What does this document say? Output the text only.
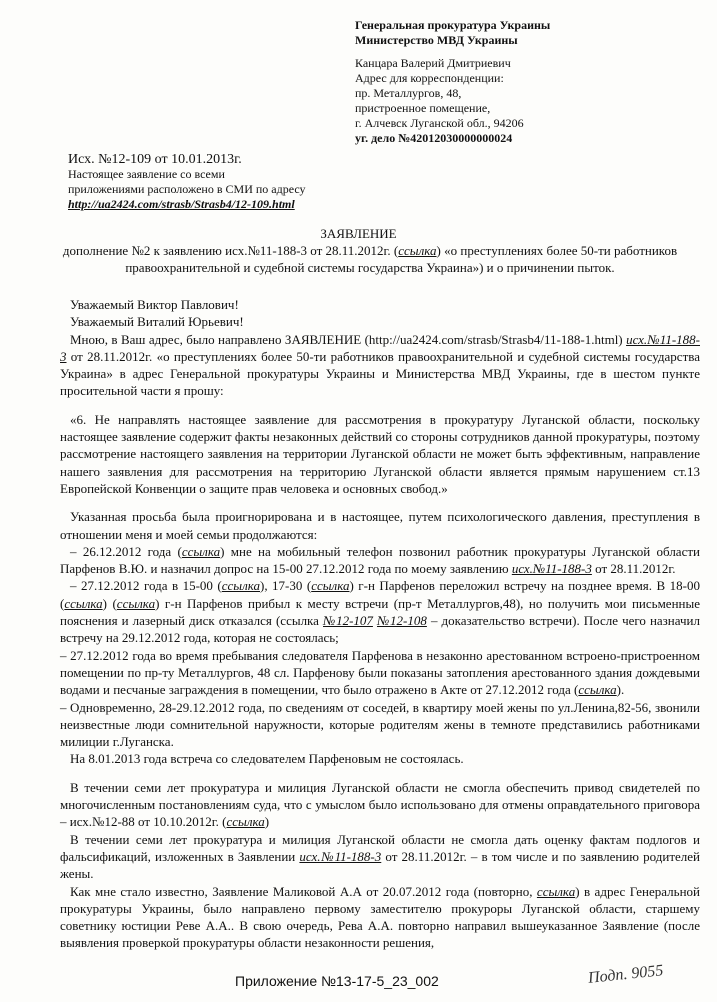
Генеральная прокуратура Украины
Министерство МВД Украины
Канцара Валерий Дмитриевич
Адрес для корреспонденции:
пр. Металлургов, 48,
пристроенное помещение,
г. Алчевск Луганской обл., 94206
уг. дело №42012030000000024
Исх. №12-109 от 10.01.2013г.
Настоящее заявление со всеми
приложениями расположено в СМИ по адресу
http://ua2424.com/strasb/Strasb4/12-109.html
ЗАЯВЛЕНИЕ
дополнение №2 к заявлению исх.№11-188-3 от 28.11.2012г. (ссылка) «о преступлениях более 50-ти работников правоохранительной и судебной системы государства Украина») и о причинении пыток.

Уважаемый Виктор Павлович!

Уважаемый Виталий Юрьевич!

Мною, в Ваш адрес, было направлено ЗАЯВЛЕНИЕ (http://ua2424.com/strasb/Strasb4/11-188-1.html) исх.№11-188-3 от 28.11.2012г. «о преступлениях более 50-ти работников правоохранительной и судебной системы государства Украина» в адрес Генеральной прокуратуры Украины и Министерства МВД Украины, где в шестом пункте просительной части я прошу:

«6. Не направлять настоящее заявление для рассмотрения в прокуратуру Луганской области, поскольку настоящее заявление содержит факты незаконных действий со стороны сотрудников данной прокуратуры, поэтому рассмотрение настоящего заявления на территории Луганской области не может быть эффективным, направление нашего заявления для рассмотрения на территорию Луганской области является прямым нарушением ст.13 Европейской Конвенции о защите прав человека и основных свобод.»

Указанная просьба была проигнорирована и в настоящее, путем психологического давления, преступления в отношении меня и моей семьи продолжаются:

– 26.12.2012 года (ссылка) мне на мобильный телефон позвонил работник прокуратуры Луганской области Парфенов В.Ю. и назначил допрос на 15-00 27.12.2012 года по моему заявлению исх.№11-188-3 от 28.11.2012г.

– 27.12.2012 года в 15-00 (ссылка), 17-30 (ссылка) г-н Парфенов переложил встречу на позднее время. В 18-00 (ссылка) (ссылка) г-н Парфенов прибыл к месту встречи (пр-т Металлургов,48), но получить мои письменные пояснения и лазерный диск отказался (ссылка №12-107 №12-108 – доказательство встречи). После чего назначил встречу на 29.12.2012 года, которая не состоялась;

– 27.12.2012 года во время пребывания следователя Парфенова в незаконно арестованном встроено-пристроенном помещении по пр-ту Металлургов, 48 сл. Парфенову были показаны затопления арестованного здания дождевыми водами и песчаные заграждения в помещении, что было отражено в Акте от 27.12.2012 года (ссылка).

– Одновременно, 28-29.12.2012 года, по сведениям от соседей, в квартиру моей жены по ул.Ленина,82-56, звонили неизвестные люди сомнительной наружности, которые родителям жены в темноте представились работниками милиции г.Луганска.

На 8.01.2013 года встреча со следователем Парфеновым не состоялась.

В течении семи лет прокуратура и милиция Луганской области не смогла обеспечить привод свидетелей по многочисленным постановлениям суда, что с умыслом было использовано для отмены оправдательного приговора – исх.№12-88 от 10.10.2012г. (ссылка)

В течении семи лет прокуратура и милиция Луганской области не смогла дать оценку фактам подлогов и фальсификаций, изложенных в Заявлении исх.№11-188-3 от 28.11.2012г. – в том числе и по заявлению родителей жены.

Как мне стало известно, Заявление Маликовой А.А от 20.07.2012 года (повторно, ссылка) в адрес Генеральной прокуратуры Украины, было направлено первому заместителю прокуроры Луганской области, старшему советнику юстиции Реве А.А.. В свою очередь, Рева А.А. повторно направил вышеуказанное Заявление (после выявления проверкой прокуратуры области незаконности решения,

Приложение №13-17-5_23_002	Подп. 9055
